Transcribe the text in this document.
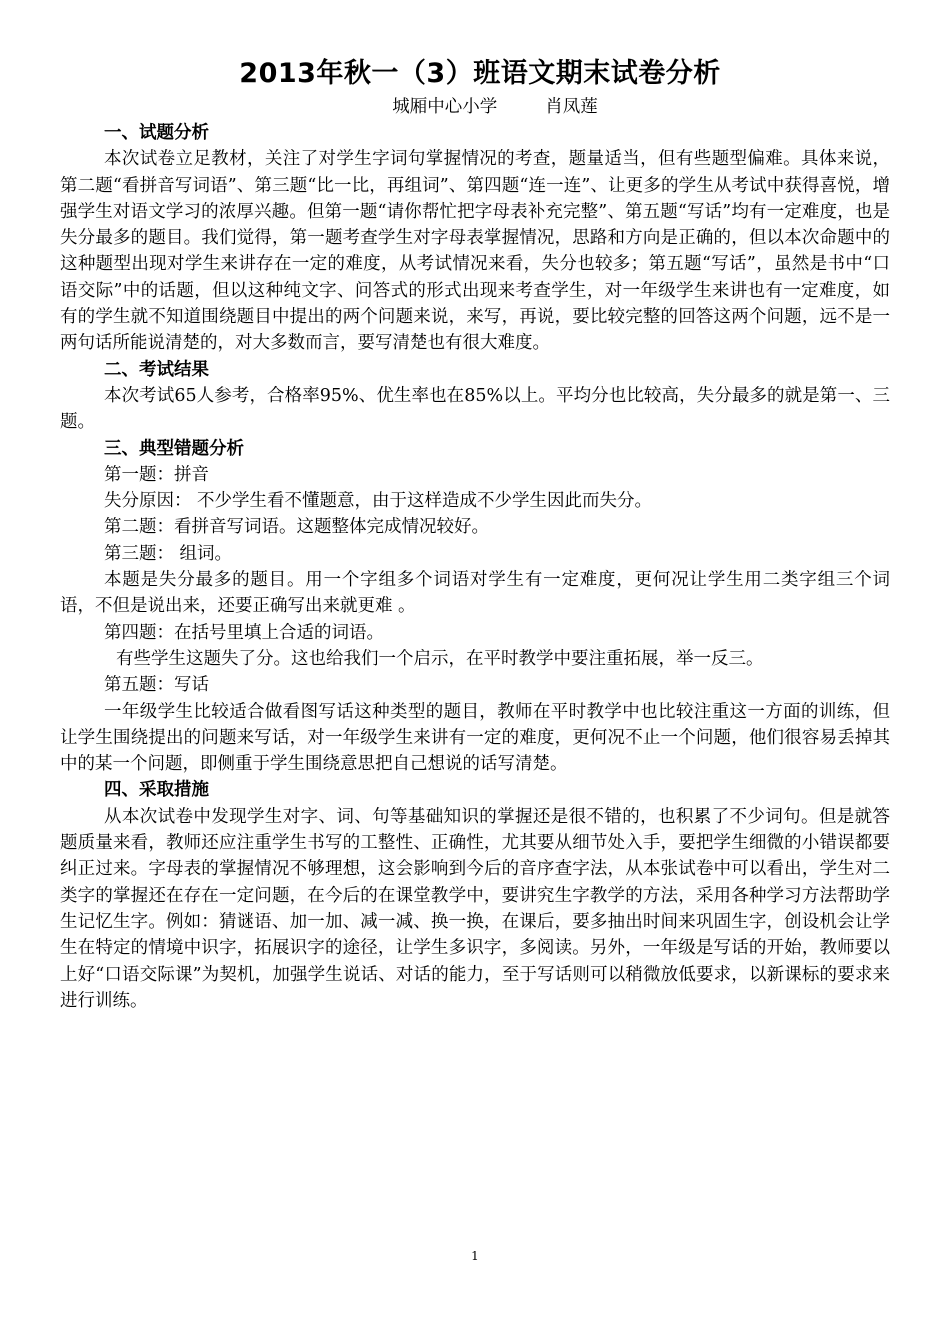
2013年秋一（3）班语文期末试卷分析

城厢中心小学	肖凤莲

一、试题分析

本次试卷立足教材，关注了对学生字词句掌握情况的考查，题量适当，但有些题型偏难。具体来说，第二题“看拼音写词语”、第三题“比一比，再组词”、第四题“连一连”、让更多的学生从考试中获得喜悦，增强学生对语文学习的浓厚兴趣。但第一题“请你帮忙把字母表补充完整”、第五题“写话”均有一定难度，也是失分最多的题目。我们觉得，第一题考查学生对字母表掌握情况，思路和方向是正确的，但以本次命题中的这种题型出现对学生来讲存在一定的难度，从考试情况来看，失分也较多；第五题“写话”，虽然是书中“口语交际”中的话题，但以这种纯文字、问答式的形式出现来考查学生，对一年级学生来讲也有一定难度，如有的学生就不知道围绕题目中提出的两个问题来说，来写，再说，要比较完整的回答这两个问题，远不是一两句话所能说清楚的，对大多数而言，要写清楚也有很大难度。

二、考试结果

本次考试65人参考，合格率95%、优生率也在85%以上。平均分也比较高，失分最多的就是第一、三题。

三、典型错题分析

第一题：拼音

失分原因： 不少学生看不懂题意，由于这样造成不少学生因此而失分。

第二题：看拼音写词语。这题整体完成情况较好。

第三题： 组词。

本题是失分最多的题目。用一个字组多个词语对学生有一定难度，更何况让学生用二类字组三个词语，不但是说出来，还要正确写出来就更难 。

第四题：在括号里填上合适的词语。

有些学生这题失了分。这也给我们一个启示，在平时教学中要注重拓展，举一反三。

第五题：写话

一年级学生比较适合做看图写话这种类型的题目，教师在平时教学中也比较注重这一方面的训练，但让学生围绕提出的问题来写话，对一年级学生来讲有一定的难度，更何况不止一个问题，他们很容易丢掉其中的某一个问题，即侧重于学生围绕意思把自己想说的话写清楚。

四、采取措施

从本次试卷中发现学生对字、词、句等基础知识的掌握还是很不错的，也积累了不少词句。但是就答题质量来看，教师还应注重学生书写的工整性、正确性，尤其要从细节处入手，要把学生细微的小错误都要纠正过来。字母表的掌握情况不够理想，这会影响到今后的音序查字法，从本张试卷中可以看出，学生对二类字的掌握还在存在一定问题，在今后的在课堂教学中，要讲究生字教学的方法，采用各种学习方法帮助学生记忆生字。例如：猜谜语、加一加、减一减、换一换，在课后，要多抽出时间来巩固生字，创设机会让学生在特定的情境中识字，拓展识字的途径，让学生多识字，多阅读。另外，一年级是写话的开始，教师要以上好“口语交际课”为契机，加强学生说话、对话的能力，至于写话则可以稍微放低要求，以新课标的要求来进行训练。

1
